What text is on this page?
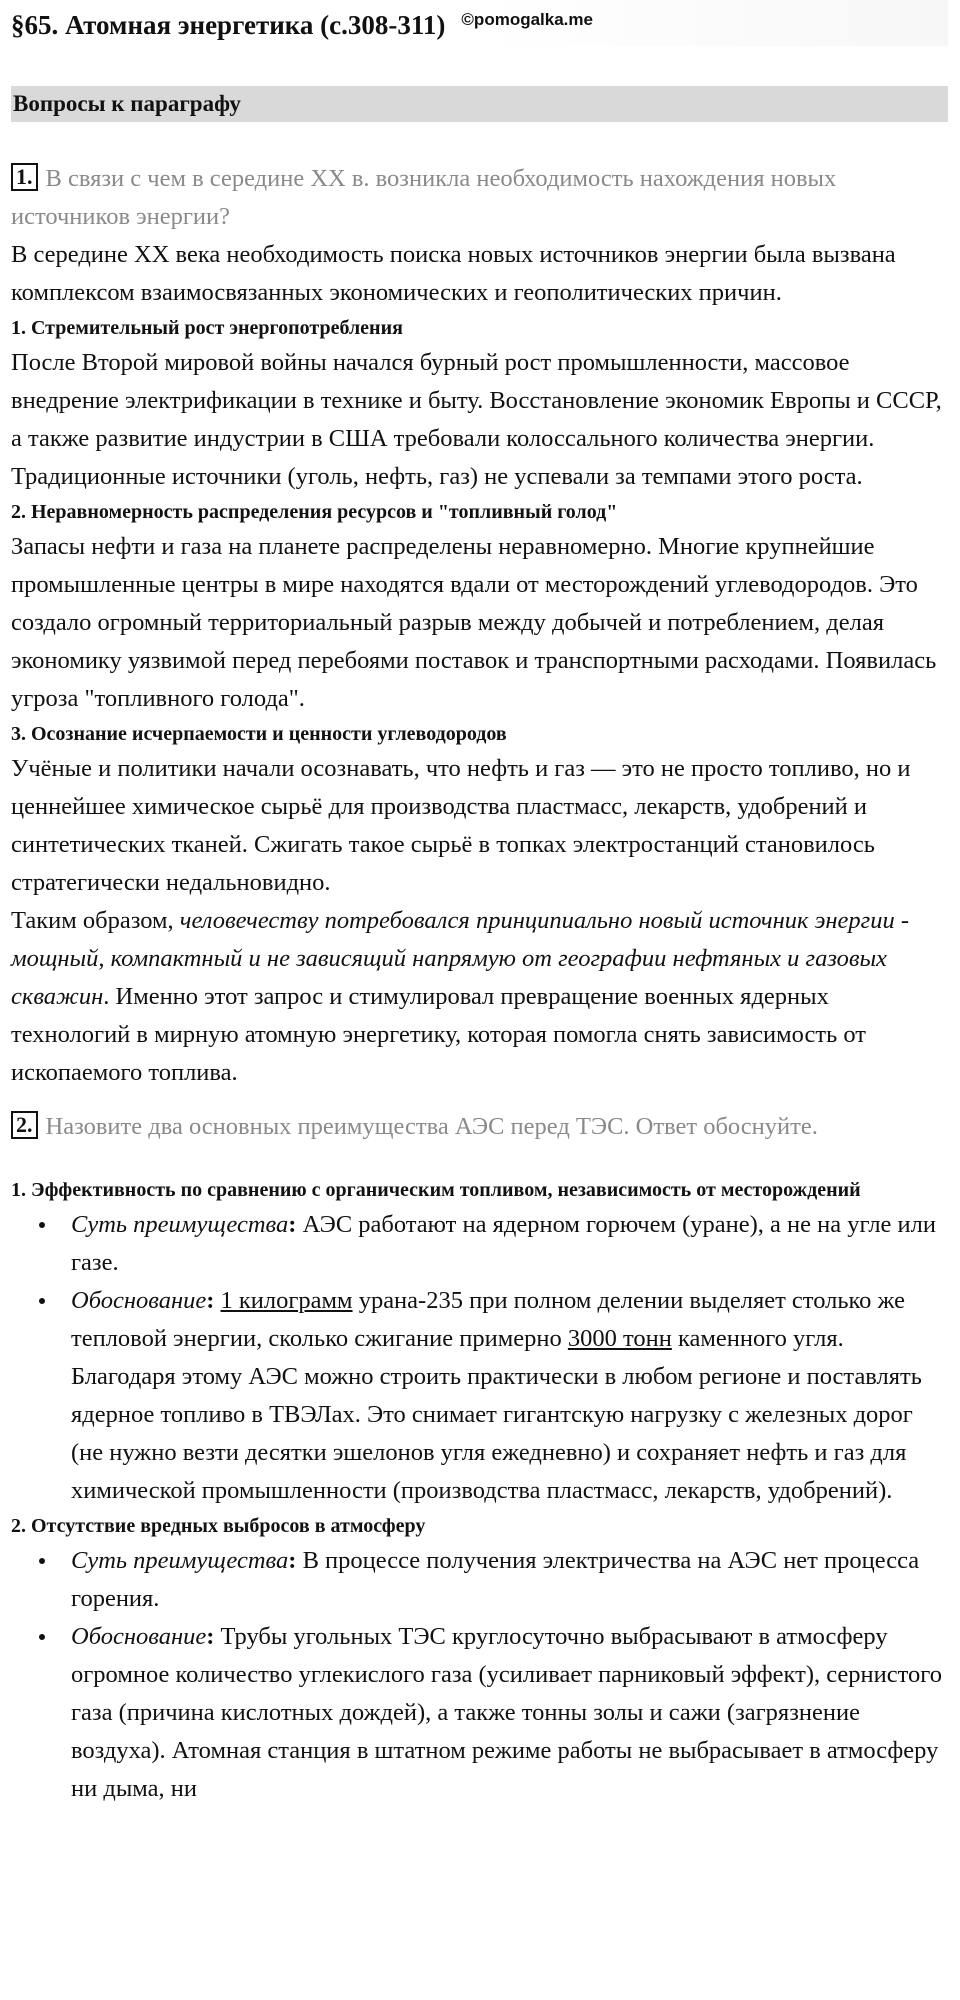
§65. Атомная энергетика (с.308-311) ©pomogalka.me
Вопросы к параграфу

1. В связи с чем в середине XX в. возникла необходимость нахождения новых источников энергии?

В середине XX века необходимость поиска новых источников энергии была вызвана комплексом взаимосвязанных экономических и геополитических причин.

1. Стремительный рост энергопотребления

После Второй мировой войны начался бурный рост промышленности, массовое внедрение электрификации в технике и быту. Восстановление экономик Европы и СССР, а также развитие индустрии в США требовали колоссального количества энергии. Традиционные источники (уголь, нефть, газ) не успевали за темпами этого роста.

2. Неравномерность распределения ресурсов и "топливный голод"

Запасы нефти и газа на планете распределены неравномерно. Многие крупнейшие промышленные центры в мире находятся вдали от месторождений углеводородов. Это создало огромный территориальный разрыв между добычей и потреблением, делая экономику уязвимой перед перебоями поставок и транспортными расходами. Появилась угроза "топливного голода".

3. Осознание исчерпаемости и ценности углеводородов

Учёные и политики начали осознавать, что нефть и газ — это не просто топливо, но и ценнейшее химическое сырьё для производства пластмасс, лекарств, удобрений и синтетических тканей. Сжигать такое сырьё в топках электростанций становилось стратегически недальновидно.

Таким образом, человечеству потребовался принципиально новый источник энергии - мощный, компактный и не зависящий напрямую от географии нефтяных и газовых скважин. Именно этот запрос и стимулировал превращение военных ядерных технологий в мирную атомную энергетику, которая помогла снять зависимость от ископаемого топлива.

2. Назовите два основных преимущества АЭС перед ТЭС. Ответ обоснуйте.

1. Эффективность по сравнению с органическим топливом, независимость от месторождений

Суть преимущества: АЭС работают на ядерном горючем (уране), а не на угле или газе.
Обоснование: 1 килограмм урана-235 при полном делении выделяет столько же тепловой энергии, сколько сжигание примерно 3000 тонн каменного угля. Благодаря этому АЭС можно строить практически в любом регионе и поставлять ядерное топливо в ТВЭЛах. Это снимает гигантскую нагрузку с железных дорог (не нужно везти десятки эшелонов угля ежедневно) и сохраняет нефть и газ для химической промышленности (производства пластмасс, лекарств, удобрений).

2. Отсутствие вредных выбросов в атмосферу

Суть преимущества: В процессе получения электричества на АЭС нет процесса горения.
Обоснование: Трубы угольных ТЭС круглосуточно выбрасывают в атмосферу огромное количество углекислого газа (усиливает парниковый эффект), сернистого газа (причина кислотных дождей), а также тонны золы и сажи (загрязнение воздуха). Атомная станция в штатном режиме работы не выбрасывает в атмосферу ни дыма, ни
